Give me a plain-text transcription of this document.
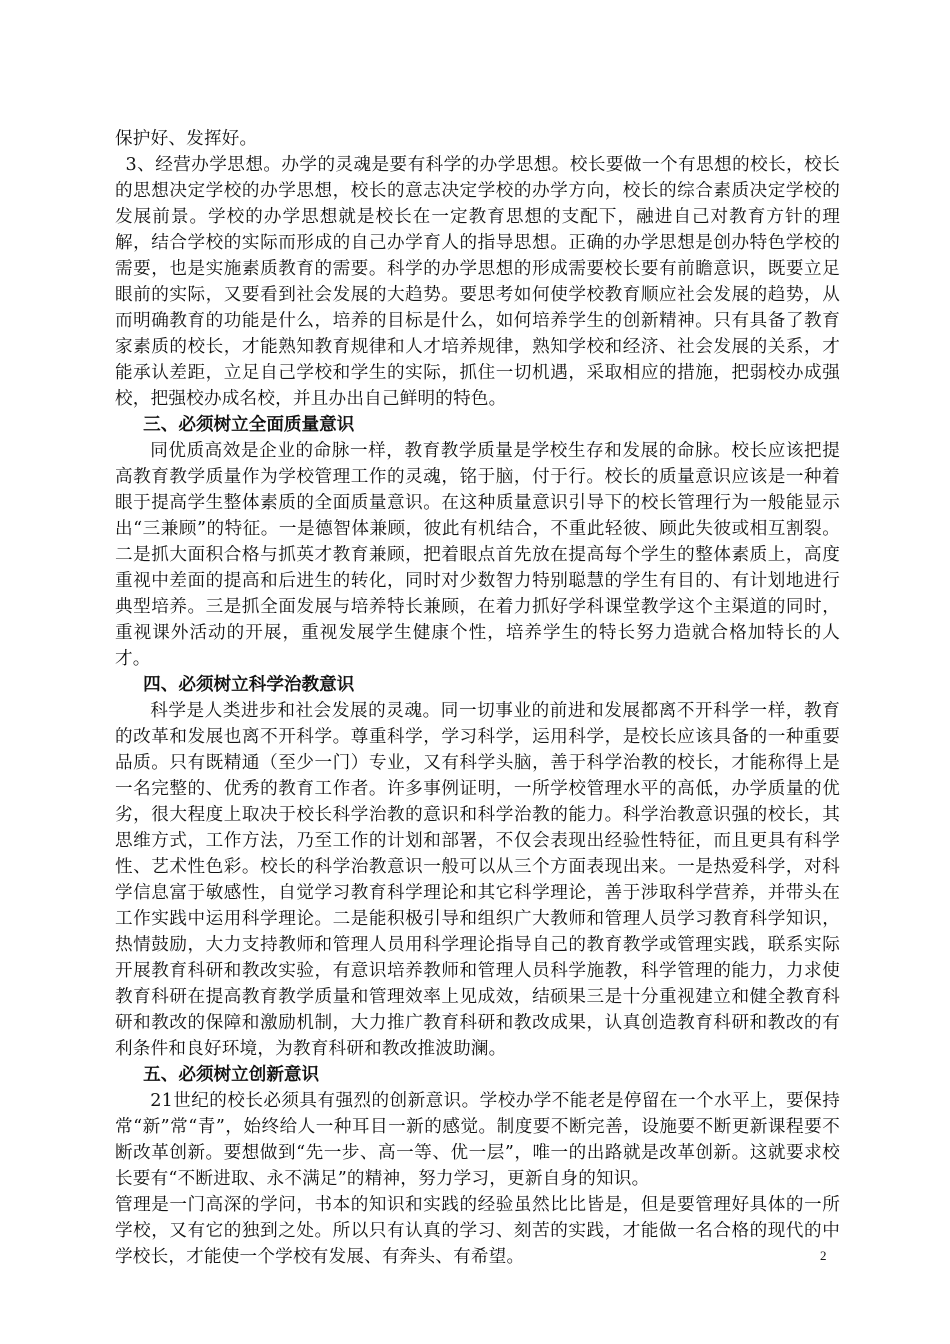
保护好、发挥好。

3、经营办学思想。办学的灵魂是要有科学的办学思想。校长要做一个有思想的校长，校长的思想决定学校的办学思想，校长的意志决定学校的办学方向，校长的综合素质决定学校的发展前景。学校的办学思想就是校长在一定教育思想的支配下，融进自己对教育方针的理解，结合学校的实际而形成的自己办学育人的指导思想。正确的办学思想是创办特色学校的需要，也是实施素质教育的需要。科学的办学思想的形成需要校长要有前瞻意识，既要立足眼前的实际，又要看到社会发展的大趋势。要思考如何使学校教育顺应社会发展的趋势，从而明确教育的功能是什么，培养的目标是什么，如何培养学生的创新精神。只有具备了教育家素质的校长，才能熟知教育规律和人才培养规律，熟知学校和经济、社会发展的关系，才能承认差距，立足自己学校和学生的实际，抓住一切机遇，采取相应的措施，把弱校办成强校，把强校办成名校，并且办出自己鲜明的特色。

三、必须树立全面质量意识

同优质高效是企业的命脉一样，教育教学质量是学校生存和发展的命脉。校长应该把提高教育教学质量作为学校管理工作的灵魂，铭于脑，付于行。校长的质量意识应该是一种着眼于提高学生整体素质的全面质量意识。在这种质量意识引导下的校长管理行为一般能显示出“三兼顾”的特征。一是德智体兼顾，彼此有机结合，不重此轻彼、顾此失彼或相互割裂。二是抓大面积合格与抓英才教育兼顾，把着眼点首先放在提高每个学生的整体素质上，高度重视中差面的提高和后进生的转化，同时对少数智力特别聪慧的学生有目的、有计划地进行典型培养。三是抓全面发展与培养特长兼顾，在着力抓好学科课堂教学这个主渠道的同时，重视课外活动的开展，重视发展学生健康个性，培养学生的特长努力造就合格加特长的人才。

四、必须树立科学治教意识

科学是人类进步和社会发展的灵魂。同一切事业的前进和发展都离不开科学一样，教育的改革和发展也离不开科学。尊重科学，学习科学，运用科学，是校长应该具备的一种重要品质。只有既精通（至少一门）专业，又有科学头脑，善于科学治教的校长，才能称得上是一名完整的、优秀的教育工作者。许多事例证明，一所学校管理水平的高低，办学质量的优劣，很大程度上取决于校长科学治教的意识和科学治教的能力。科学治教意识强的校长，其思维方式，工作方法，乃至工作的计划和部署，不仅会表现出经验性特征，而且更具有科学性、艺术性色彩。校长的科学治教意识一般可以从三个方面表现出来。一是热爱科学，对科学信息富于敏感性，自觉学习教育科学理论和其它科学理论，善于涉取科学营养，并带头在工作实践中运用科学理论。二是能积极引导和组织广大教师和管理人员学习教育科学知识，热情鼓励，大力支持教师和管理人员用科学理论指导自己的教育教学或管理实践，联系实际开展教育科研和教改实验，有意识培养教师和管理人员科学施教，科学管理的能力，力求使教育科研在提高教育教学质量和管理效率上见成效，结硕果三是十分重视建立和健全教育科研和教改的保障和激励机制，大力推广教育科研和教改成果，认真创造教育科研和教改的有利条件和良好环境，为教育科研和教改推波助澜。

五、必须树立创新意识

21世纪的校长必须具有强烈的创新意识。学校办学不能老是停留在一个水平上，要保持常“新”常“青”，始终给人一种耳目一新的感觉。制度要不断完善，设施要不断更新课程要不断改革创新。要想做到“先一步、高一等、优一层”，唯一的出路就是改革创新。这就要求校长要有“不断进取、永不满足”的精神，努力学习，更新自身的知识。

管理是一门高深的学问，书本的知识和实践的经验虽然比比皆是，但是要管理好具体的一所学校，又有它的独到之处。所以只有认真的学习、刻苦的实践，才能做一名合格的现代的中学校长，才能使一个学校有发展、有奔头、有希望。	2
